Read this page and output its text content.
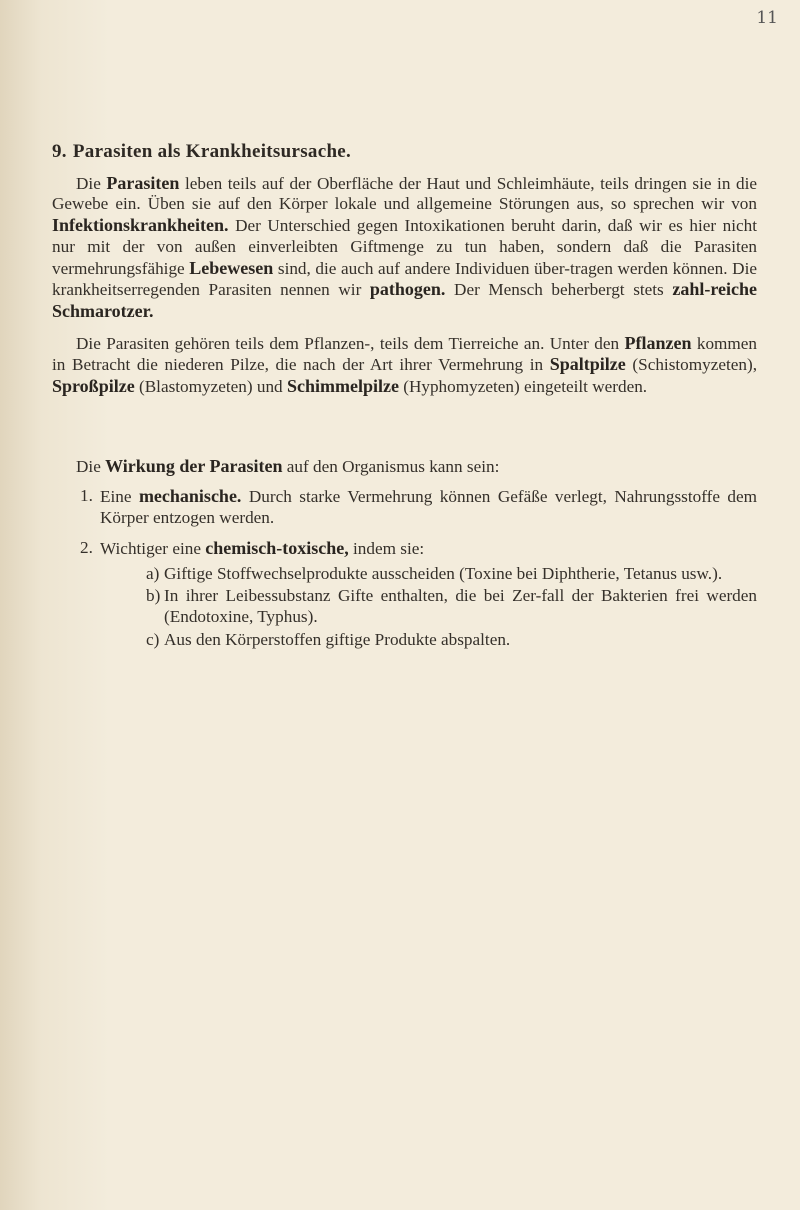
11
9. Parasiten als Krankheitsursache.

Die Parasiten leben teils auf der Oberfläche der Haut und Schleimhäute, teils dringen sie in die Gewebe ein. Üben sie auf den Körper lokale und allgemeine Störungen aus, so sprechen wir von Infektionskrankheiten. Der Unterschied gegen Intoxikationen beruht darin, daß wir es hier nicht nur mit der von außen einverleibten Giftmenge zu tun haben, sondern daß die Parasiten vermehrungsfähige Lebewesen sind, die auch auf andere Individuen über-tragen werden können. Die krankheitserregenden Parasiten nennen wir pathogen. Der Mensch beherbergt stets zahl-reiche Schmarotzer.

Die Parasiten gehören teils dem Pflanzen-, teils dem Tierreiche an. Unter den Pflanzen kommen in Betracht die niederen Pilze, die nach der Art ihrer Vermehrung in Spaltpilze (Schistomyzeten), Sproßpilze (Blastomyzeten) und Schimmelpilze (Hyphomyzeten) eingeteilt werden.

Die Wirkung der Parasiten auf den Organismus kann sein:

1. Eine mechanische. Durch starke Vermehrung können Gefäße verlegt, Nahrungsstoffe dem Körper entzogen werden.
2. Wichtiger eine chemisch-toxische, indem sie:
a) Giftige Stoffwechselprodukte ausscheiden (Toxine bei Diphtherie, Tetanus usw.).
b) In ihrer Leibessubstanz Gifte enthalten, die bei Zer-fall der Bakterien frei werden (Endotoxine, Typhus).
c) Aus den Körperstoffen giftige Produkte abspalten.
